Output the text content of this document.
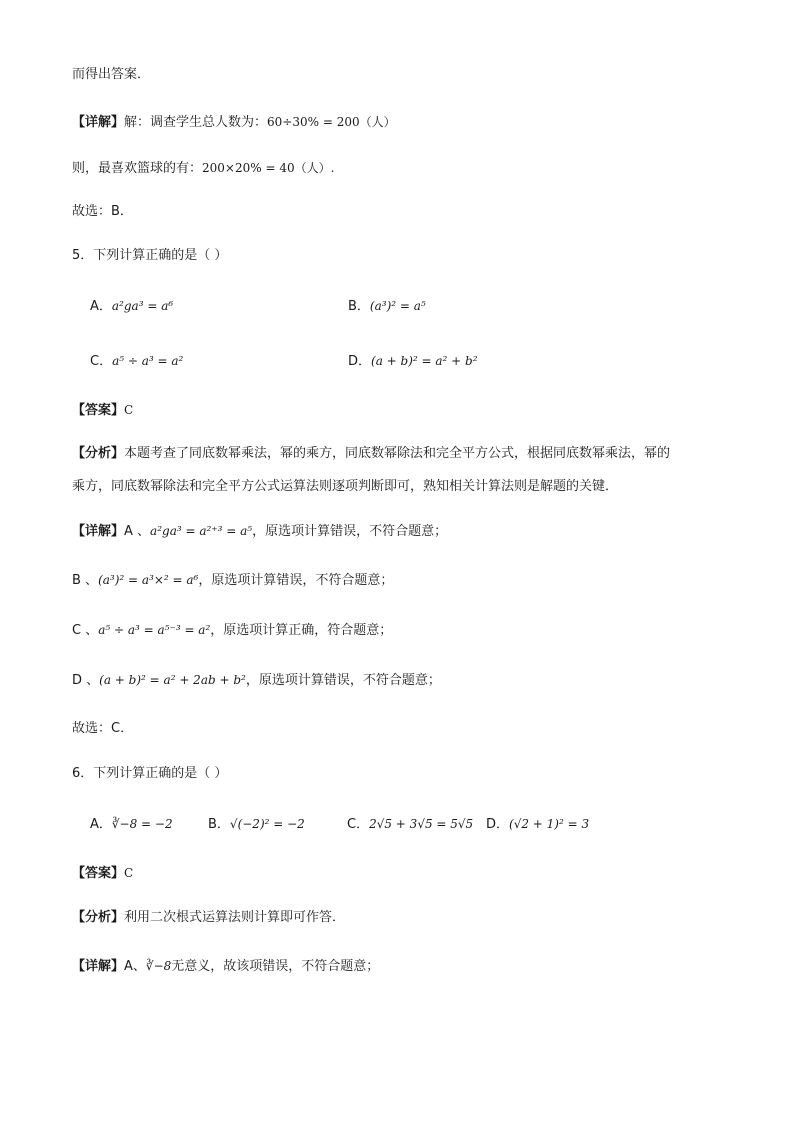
而得出答案．
【详解】解：调查学生总人数为：60÷30% = 200（人）
则，最喜欢篮球的有：200×20% = 40（人）.
故选：B．
5．下列计算正确的是（ ）
A．a²ga³ = a⁶	B．(a³)² = a⁵
C．a⁵ ÷ a³ = a²	D．(a + b)² = a² + b²
【答案】C
【分析】本题考查了同底数幂乘法，幂的乘方，同底数幂除法和完全平方公式，根据同底数幂乘法，幂的
乘方，同底数幂除法和完全平方公式运算法则逐项判断即可，熟知相关计算法则是解题的关键．
【详解】A 、a²ga³ = a²⁺³ = a⁵，原选项计算错误，不符合题意；
B 、(a³)² = a³×² = a⁶，原选项计算错误，不符合题意；
C 、a⁵ ÷ a³ = a⁵⁻³ = a²，原选项计算正确，符合题意；
D 、(a + b)² = a² + 2ab + b²，原选项计算错误，不符合题意；
故选：C．
6．下列计算正确的是（ ）
A．∛−8 = −2	B．√(−2)² = −2	C．2√5 + 3√5 = 5√5 D．(√2 + 1)² = 3
【答案】C
【分析】利用二次根式运算法则计算即可作答．
【详解】A、∛−8无意义，故该项错误，不符合题意；
